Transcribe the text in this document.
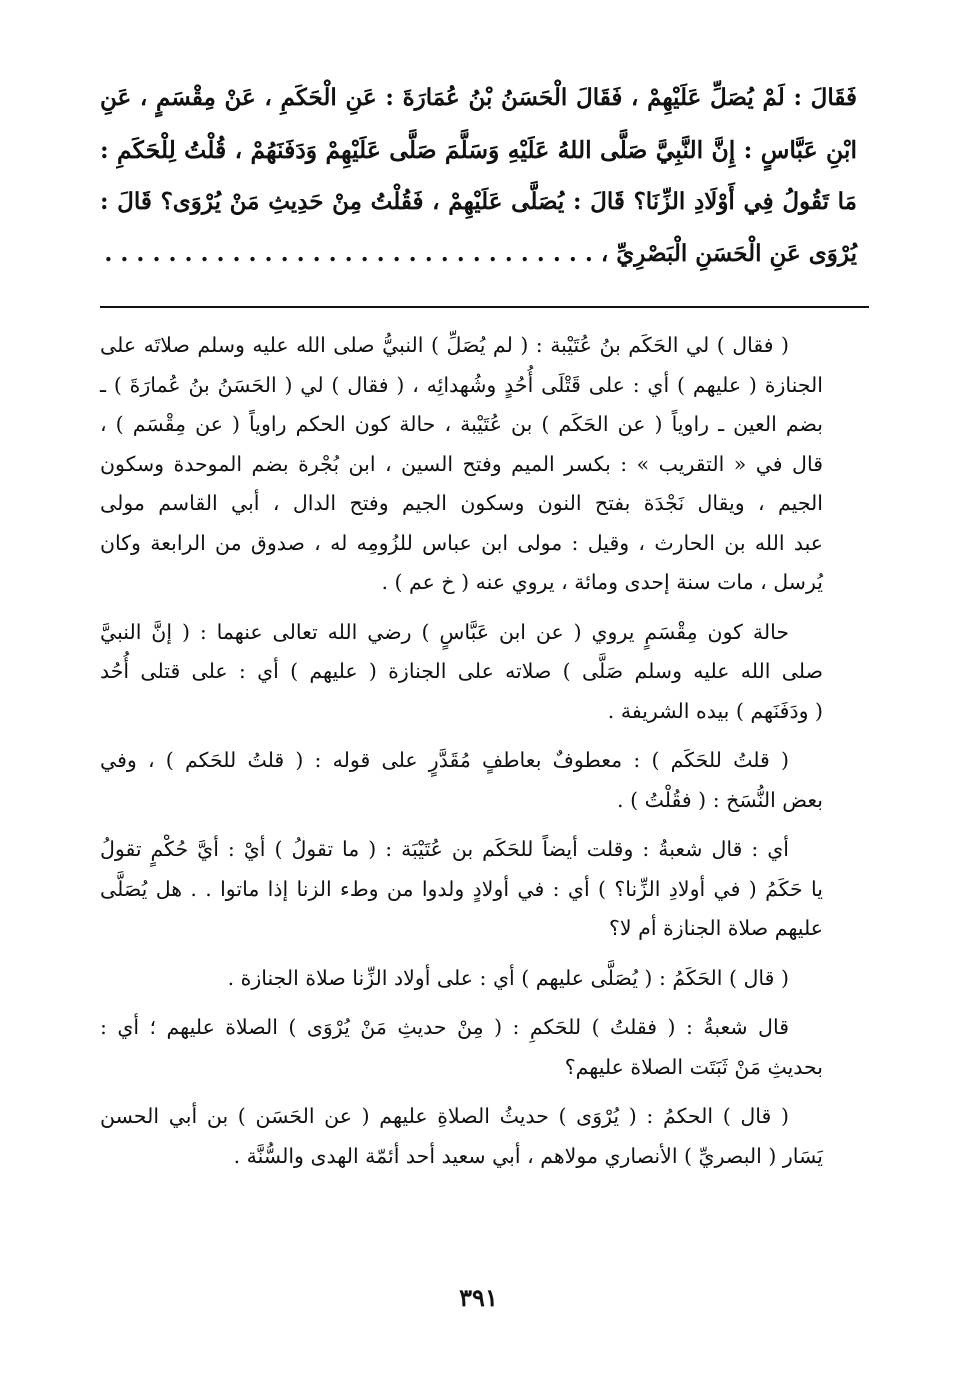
فَقَالَ : لَمْ يُصَلِّ عَلَيْهِمْ ، فَقَالَ الْحَسَنُ بْنُ عُمَارَةَ : عَنِ الْحَكَمِ ، عَنْ مِقْسَمٍ ، عَنِ
ابْنِ عَبَّاسٍ : إِنَّ النَّبِيَّ صَلَّى اللهُ عَلَيْهِ وَسَلَّمَ صَلَّى عَلَيْهِمْ وَدَفَنَهُمْ ، قُلْتُ لِلْحَكَمِ :
مَا تَقُولُ فِي أَوْلَادِ الزِّنَا؟ قَالَ : يُصَلَّى عَلَيْهِمْ ، فَقُلْتُ مِنْ حَدِيثِ مَنْ يُرْوَى؟ قَالَ :
يُرْوَى عَنِ الْحَسَنِ الْبَصْرِيِّ ، . . . . . . . . . . . . . . . . . . . . . . . . . . . . . . .

( فقال ) لي الحَكَم بنُ عُتَيْبة : ( لم يُصَلِّ ) النبيُّ صلى الله عليه وسلم صلاتَه على
الجنازة ( عليهم ) أي : على قَتْلَى أُحُدٍ وشُهدائِه ، ( فقال ) لي ( الحَسَنُ بنُ عُمارَةَ ) ـ
بضم العين ـ راوياً ( عن الحَكَم ) بن عُتَيْبة ، حالة كون الحكم راوياً ( عن مِقْسَم ) ،
قال في « التقريب » : بكسر الميم وفتح السين ، ابن بُجْرة بضم الموحدة وسكون
الجيم ، ويقال نَجْدَة بفتح النون وسكون الجيم وفتح الدال ، أبي القاسم مولى
عبد الله بن الحارث ، وقيل : مولى ابن عباس للزُومِه له ، صدوق من الرابعة وكان
يُرسل ، مات سنة إحدى ومائة ، يروي عنه ( خ عم ) .

حالة كون مِقْسَمٍ يروي ( عن ابن عَبَّاسٍ ) رضي الله تعالى عنهما : ( إنَّ النبيَّ
صلى الله عليه وسلم صَلَّى ) صلاته على الجنازة ( عليهم ) أي : على قتلى أُحُد
( ودَفَنَهم ) بيده الشريفة .

( قلتُ للحَكَم ) : معطوفٌ بعاطفٍ مُقَدَّرٍ على قوله : ( قلتُ للحَكم ) ، وفي
بعض النُّسَخ : ( فقُلْتُ ) .

أي : قال شعبةُ : وقلت أيضاً للحَكَم بن عُتَيْبَة : ( ما تقولُ ) أيْ : أيَّ حُكْمٍ تقولُ
يا حَكَمُ ( في أولادِ الزِّنا؟ ) أي : في أولادٍ ولدوا من وطء الزنا إذا ماتوا . . هل يُصَلَّى
عليهم صلاة الجنازة أم لا؟

( قال ) الحَكَمُ : ( يُصَلَّى عليهم ) أي : على أولاد الزِّنا صلاة الجنازة .

قال شعبةُ : ( فقلتُ ) للحَكمِ : ( مِنْ حديثِ مَنْ يُرْوَى ) الصلاة عليهم ؛ أي :
بحديثِ مَنْ ثَبَتَت الصلاة عليهم؟

( قال ) الحكمُ : ( يُرْوَى ) حديثُ الصلاةِ عليهم ( عن الحَسَن ) بن أبي الحسن
يَسَار ( البصريِّ ) الأنصاري مولاهم ، أبي سعيد أحد أئمّة الهدى والسُّنَّة .

٣٩١
